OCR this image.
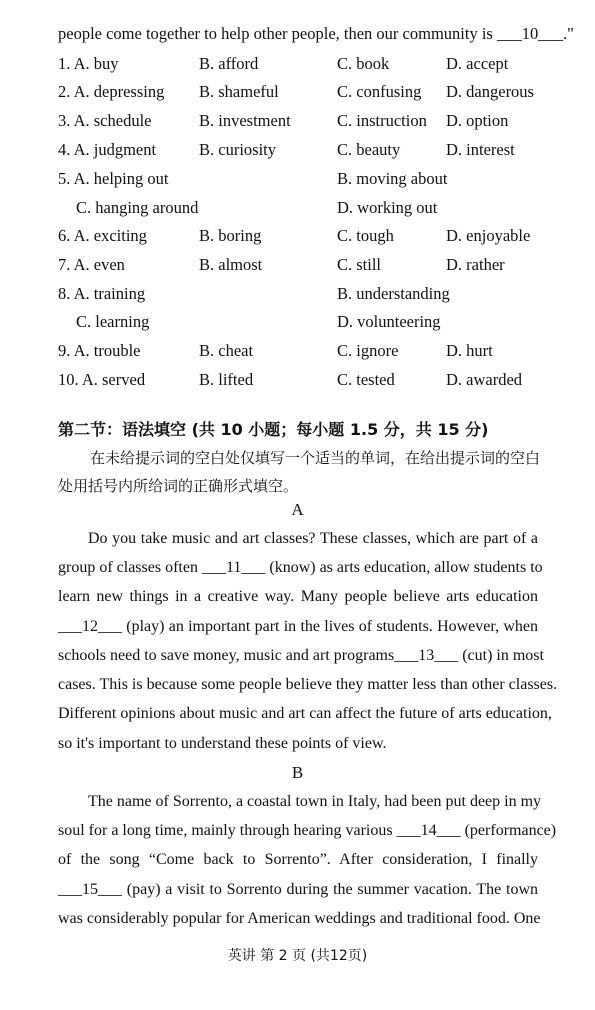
people come together to help other people, then our community is ___10___."
1. A. buy	B. afford	C. book	D. accept
2. A. depressing B. shameful	C. confusing D. dangerous
3. A. schedule	B. investment	C. instruction D. option
4. A. judgment	B. curiosity	C. beauty	D. interest
5. A. helping out	B. moving about
C. hanging around	D. working out
6. A. exciting	B. boring	C. tough	D. enjoyable
7. A. even	B. almost	C. still	D. rather
8. A. training	B. understanding
C. learning	D. volunteering
9. A. trouble	B. cheat	C. ignore	D. hurt
10. A. served	B. lifted	C. tested	D. awarded
第二节：语法填空 (共 10 小题；每小题 1.5 分，共 15 分)
在未给提示词的空白处仅填写一个适当的单词，在给出提示词的空白
处用括号内所给词的正确形式填空。
A
Do you take music and art classes? These classes, which are part of a
group of classes often ___11___ (know) as arts education, allow students to
learn new things in a creative way. Many people believe arts education
___12___ (play) an important part in the lives of students. However, when
schools need to save money, music and art programs___13___ (cut) in most
cases. This is because some people believe they matter less than other classes.
Different opinions about music and art can affect the future of arts education,
so it's important to understand these points of view.
B
The name of Sorrento, a coastal town in Italy, had been put deep in my
soul for a long time, mainly through hearing various ___14___ (performance)
of the song “Come back to Sorrento”. After consideration, I finally
___15___ (pay) a visit to Sorrento during the summer vacation. The town
was considerably popular for American weddings and traditional food. One
英讲 第 2 页 (共12页)
